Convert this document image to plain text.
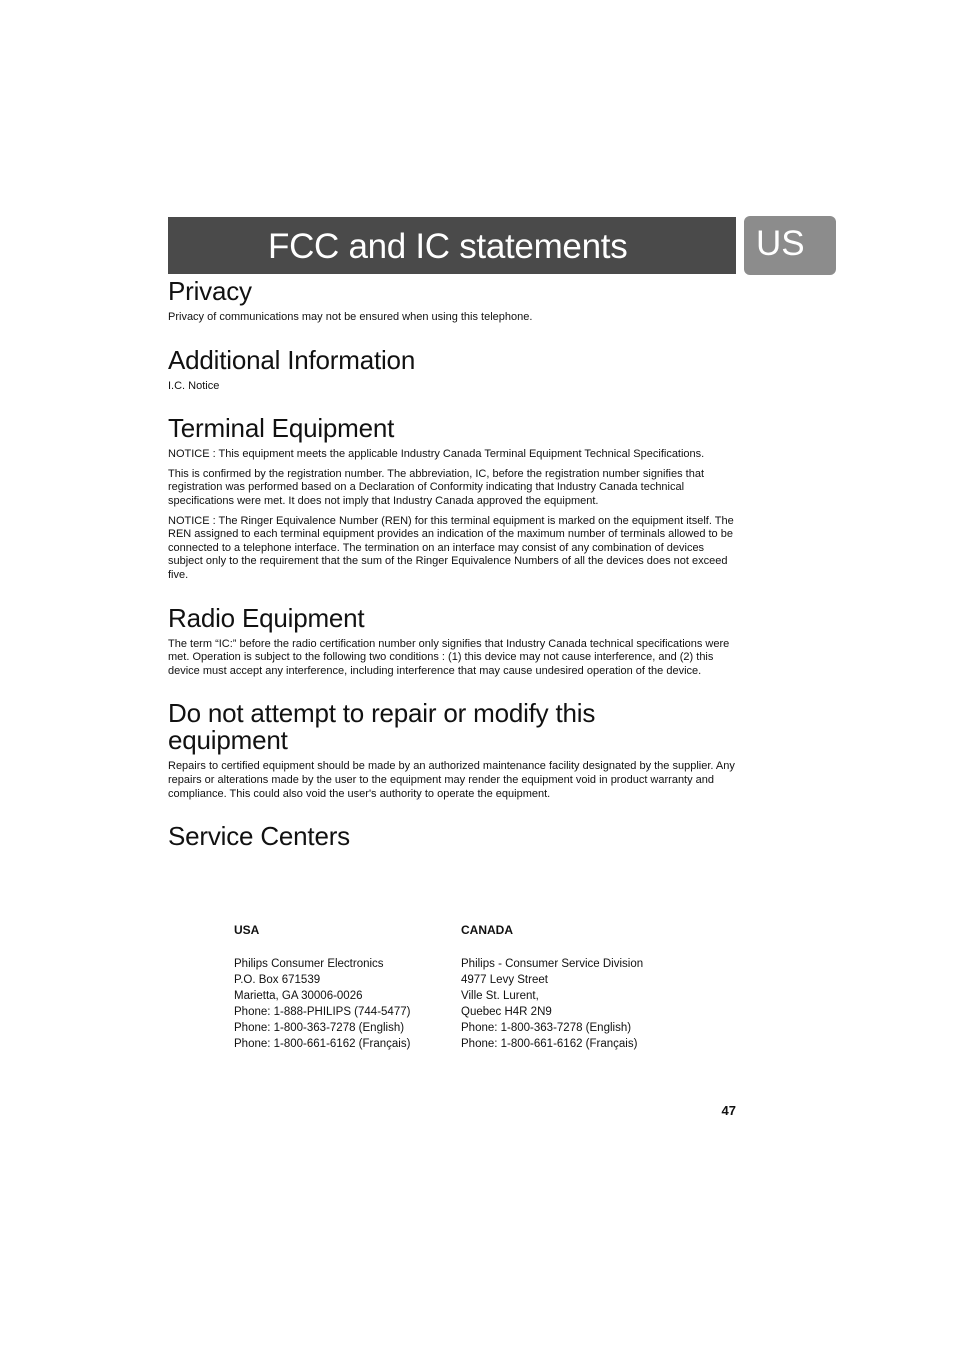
FCC and IC statements	US
Privacy

Privacy of communications may not be ensured when using this telephone.

Additional Information

I.C. Notice

Terminal Equipment

NOTICE : This equipment meets the applicable Industry Canada Terminal Equipment Technical Specifications.

This is confirmed by the registration number. The abbreviation, IC, before the registration number signifies that registration was performed based on a Declaration of Conformity indicating that Industry Canada technical specifications were met. It does not imply that Industry Canada approved the equipment.

NOTICE : The Ringer Equivalence Number (REN) for this terminal equipment is marked on the equipment itself. The REN assigned to each terminal equipment provides an indication of the maximum number of terminals allowed to be connected to a telephone interface. The termination on an interface may consist of any combination of devices subject only to the requirement that the sum of the Ringer Equivalence Numbers of all the devices does not exceed five.

Radio Equipment

The term “IC:” before the radio certification number only signifies that Industry Canada technical specifications were met. Operation is subject to the following two conditions : (1) this device may not cause interference, and (2) this device must accept any interference, including interference that may cause undesired operation of the device.

Do not attempt to repair or modify this equipment

Repairs to certified equipment should be made by an authorized maintenance facility designated by the supplier. Any repairs or alterations made by the user to the equipment may render the equipment void in product warranty and compliance. This could also void the user's authority to operate the equipment.

Service Centers
USA
Philips Consumer Electronics
P.O. Box 671539
Marietta, GA 30006-0026
Phone: 1-888-PHILIPS (744-5477)
Phone: 1-800-363-7278 (English)
Phone: 1-800-661-6162 (Français)
CANADA
Philips - Consumer Service Division
4977 Levy Street
Ville St. Lurent,
Quebec H4R 2N9
Phone: 1-800-363-7278 (English)
Phone: 1-800-661-6162 (Français)
47
